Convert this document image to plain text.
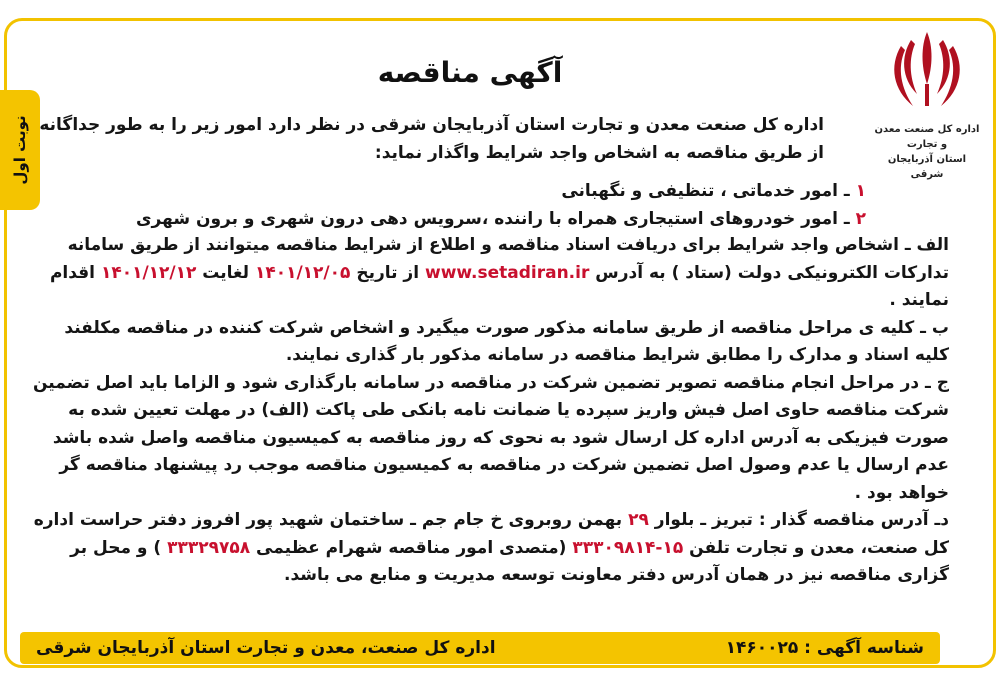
نوبت اول	اداره کل صنعت معدن و تجارت
استان آذربایجان شرقی
آگهی مناقصه
اداره کل صنعت معدن و تجارت استان آذربایجان شرقی در نظر دارد امور زیر را به طور جداگانه
از طریق مناقصه به اشخاص واجد شرایط واگذار نماید:
۱ ـ امور خدماتی ، تنظیفی و نگهبانی
۲ ـ امور خودروهای استیجاری همراه با راننده ،سرویس دهی درون شهری و برون شهری

الف ـ اشخاص واجد شرایط برای دریافت اسناد مناقصه و اطلاع از شرایط مناقصه میتوانند از طریق سامانه تدارکات الکترونیکی دولت (ستاد ) به آدرس www.setadiran.ir از تاریخ ۱۴۰۱/۱۲/۰۵ لغایت ۱۴۰۱/۱۲/۱۲ اقدام نمایند .

ب ـ کلیه ی مراحل مناقصه از طریق سامانه مذکور صورت میگیرد و اشخاص شرکت کننده در مناقصه مکلفند کلیه اسناد و مدارک را مطابق شرایط مناقصه در سامانه مذکور بار گذاری نمایند.

ج ـ در مراحل انجام مناقصه تصویر تضمین شرکت در مناقصه در سامانه بارگذاری شود و الزاما باید اصل تضمین شرکت مناقصه حاوی اصل فیش واریز سپرده یا ضمانت نامه بانکی طی پاکت (الف) در مهلت تعیین شده به صورت فیزیکی به آدرس اداره کل ارسال شود به نحوی که روز مناقصه به کمیسیون مناقصه واصل شده باشد عدم ارسال یا عدم وصول اصل تضمین شرکت در مناقصه به کمیسیون مناقصه موجب رد پیشنهاد مناقصه گر خواهد بود .

دـ آدرس مناقصه گذار : تبریز ـ بلوار ۲۹ بهمن روبروی خ جام جم ـ ساختمان شهید پور افروز دفتر حراست اداره کل صنعت، معدن و تجارت تلفن ۱۵-۳۳۳۰۹۸۱۴ (متصدی امور مناقصه شهرام عظیمی ۳۳۳۲۹۷۵۸ ) و محل بر گزاری مناقصه نیز در همان آدرس دفتر معاونت توسعه مدیریت و منابع می باشد.

شناسه آگهی : ۱۴۶۰۰۲۵
اداره کل صنعت، معدن و تجارت استان آذربایجان شرقی
